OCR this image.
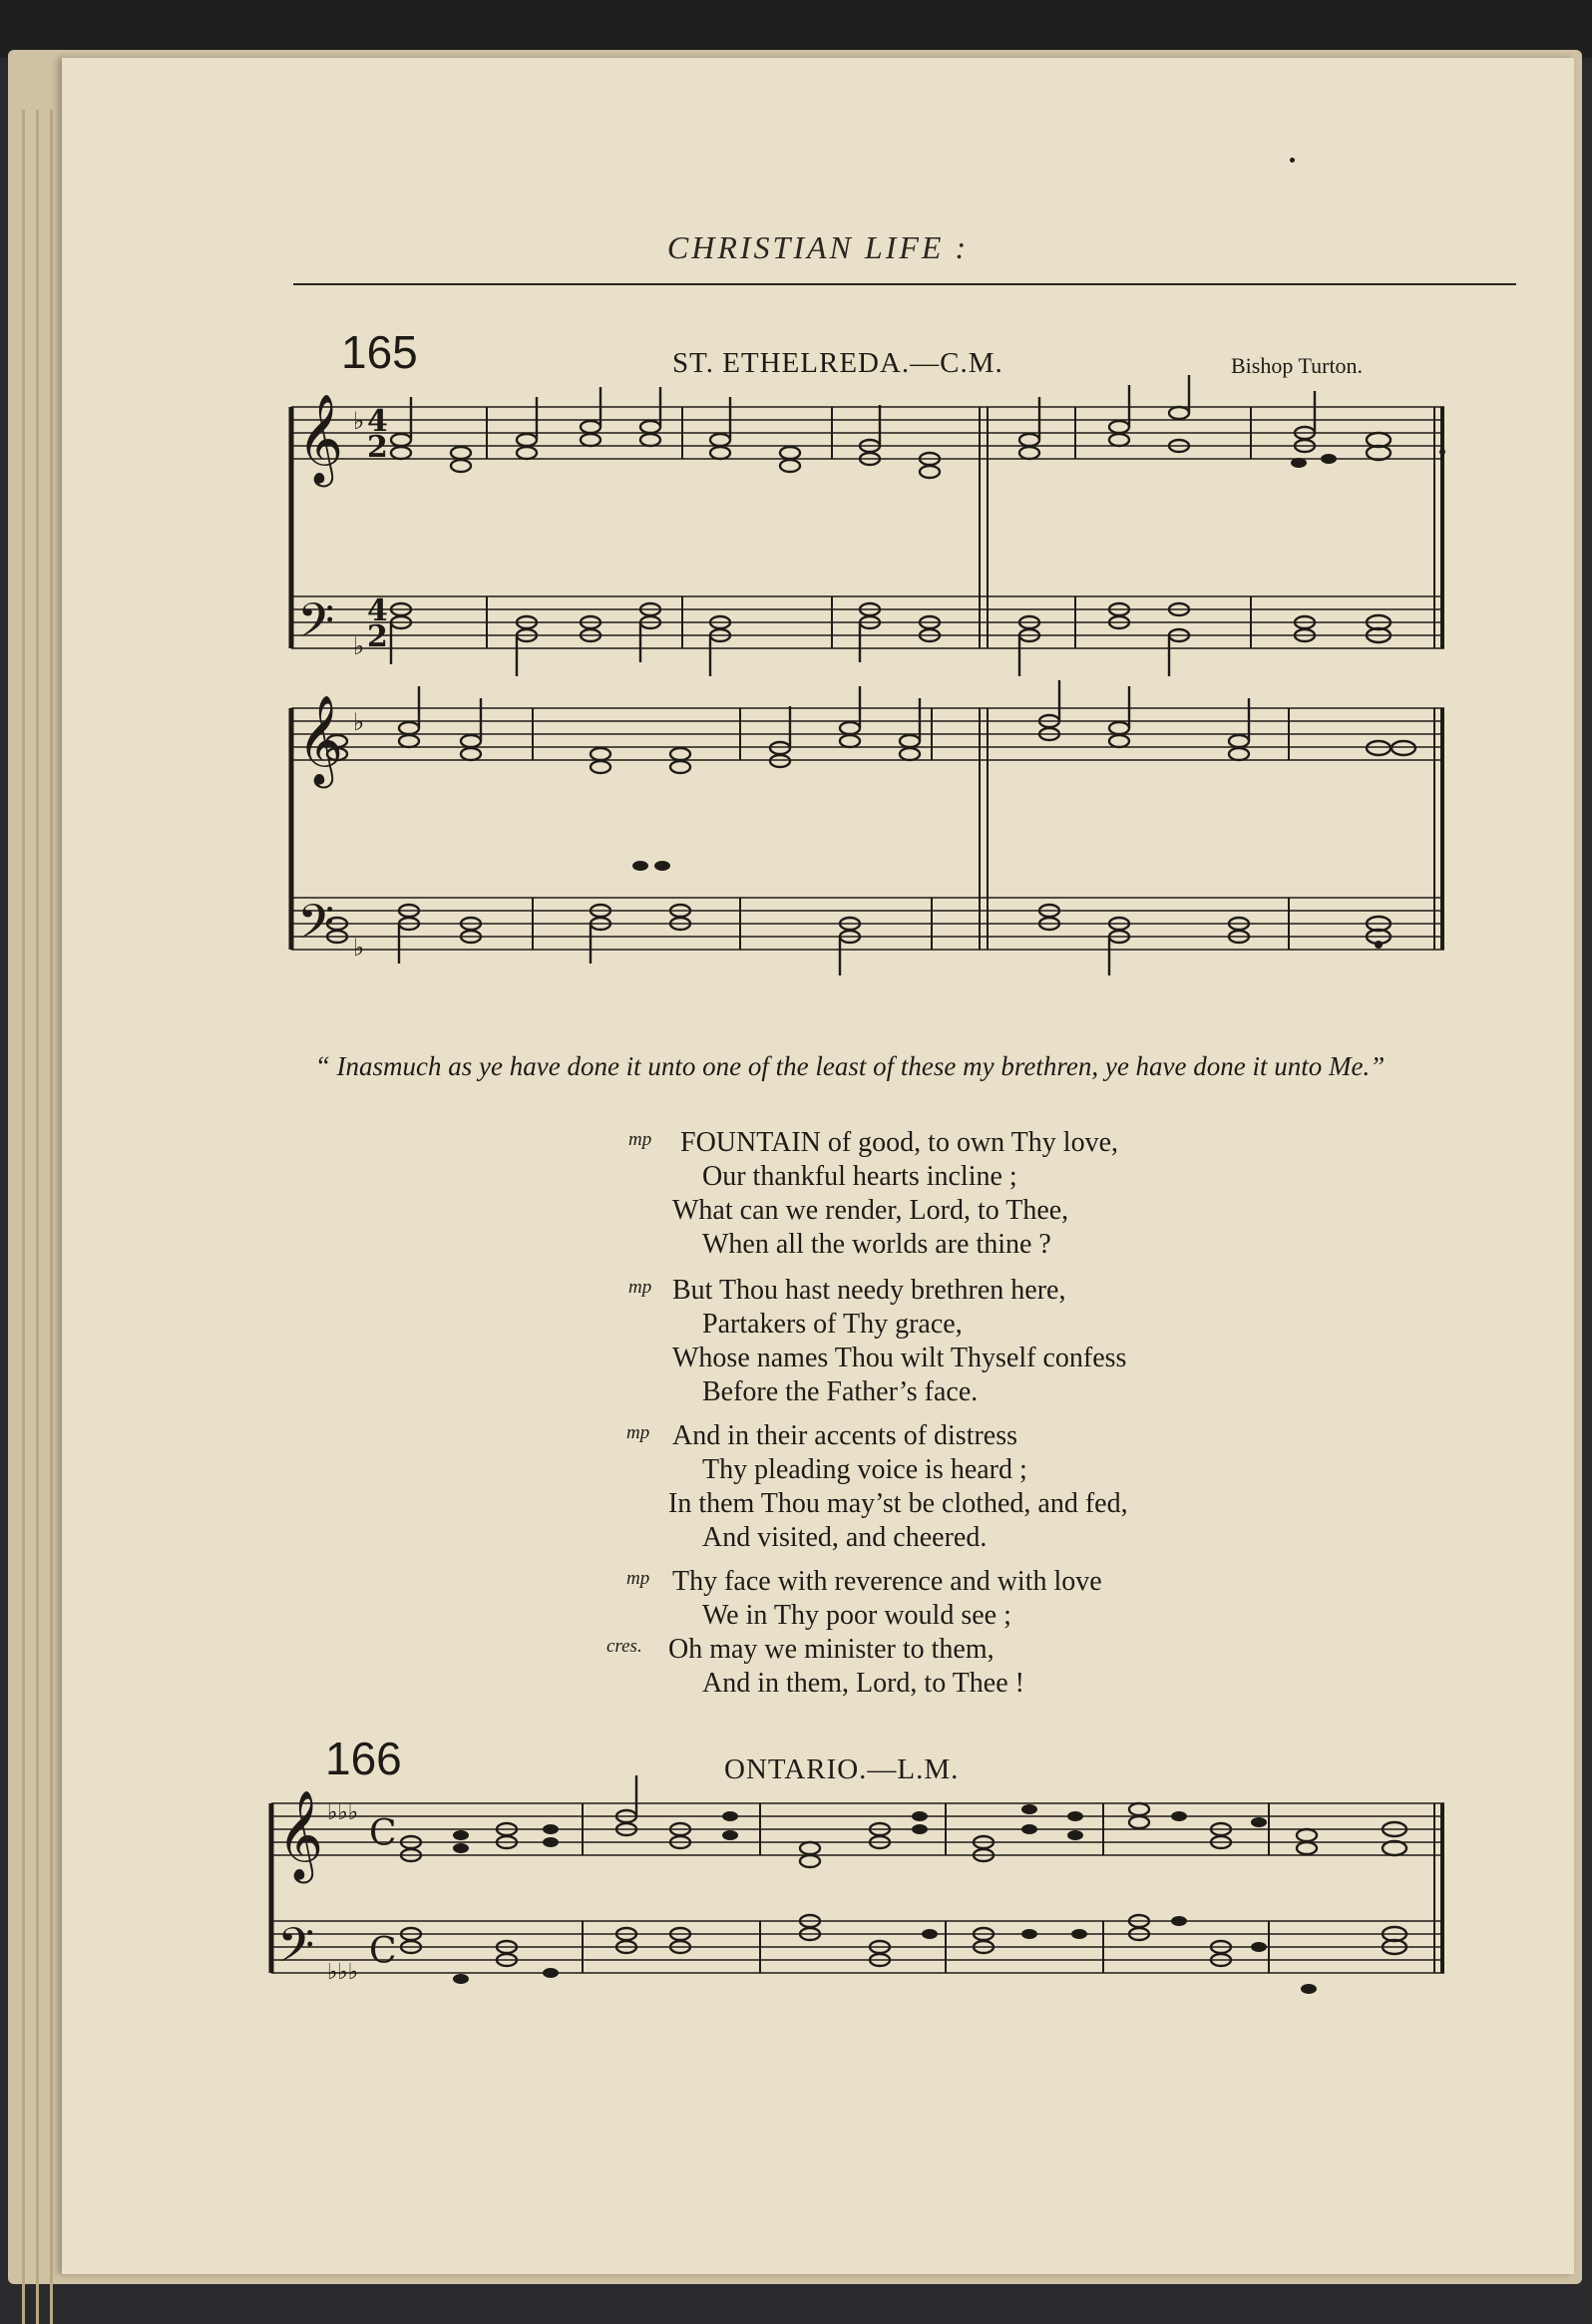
CHRISTIAN LIFE :
165	ST. ETHELREDA.—C.M.	Bishop Turton.
𝄞
𝄢
𝄞
𝄢
♭
♭
♭
♭
4
2
4
2
“ Inasmuch as ye have done it unto one of the least of these my brethren, ye have done it unto Me.”
mp FOUNTAIN of good, to own Thy love,
Our thankful hearts incline ;
What can we render, Lord, to Thee,
When all the worlds are thine ?
mp But Thou hast needy brethren here,
Partakers of Thy grace,
Whose names Thou wilt Thyself confess
Before the Father’s face.
mp And in their accents of distress
Thy pleading voice is heard ;
In them Thou may’st be clothed, and fed,
And visited, and cheered.
mp Thy face with reverence and with love
We in Thy poor would see ;
cres. Oh may we minister to them,
And in them, Lord, to Thee !
166	ONTARIO.—L.M.
𝄞
𝄢
♭♭♭
♭♭♭
C
C
